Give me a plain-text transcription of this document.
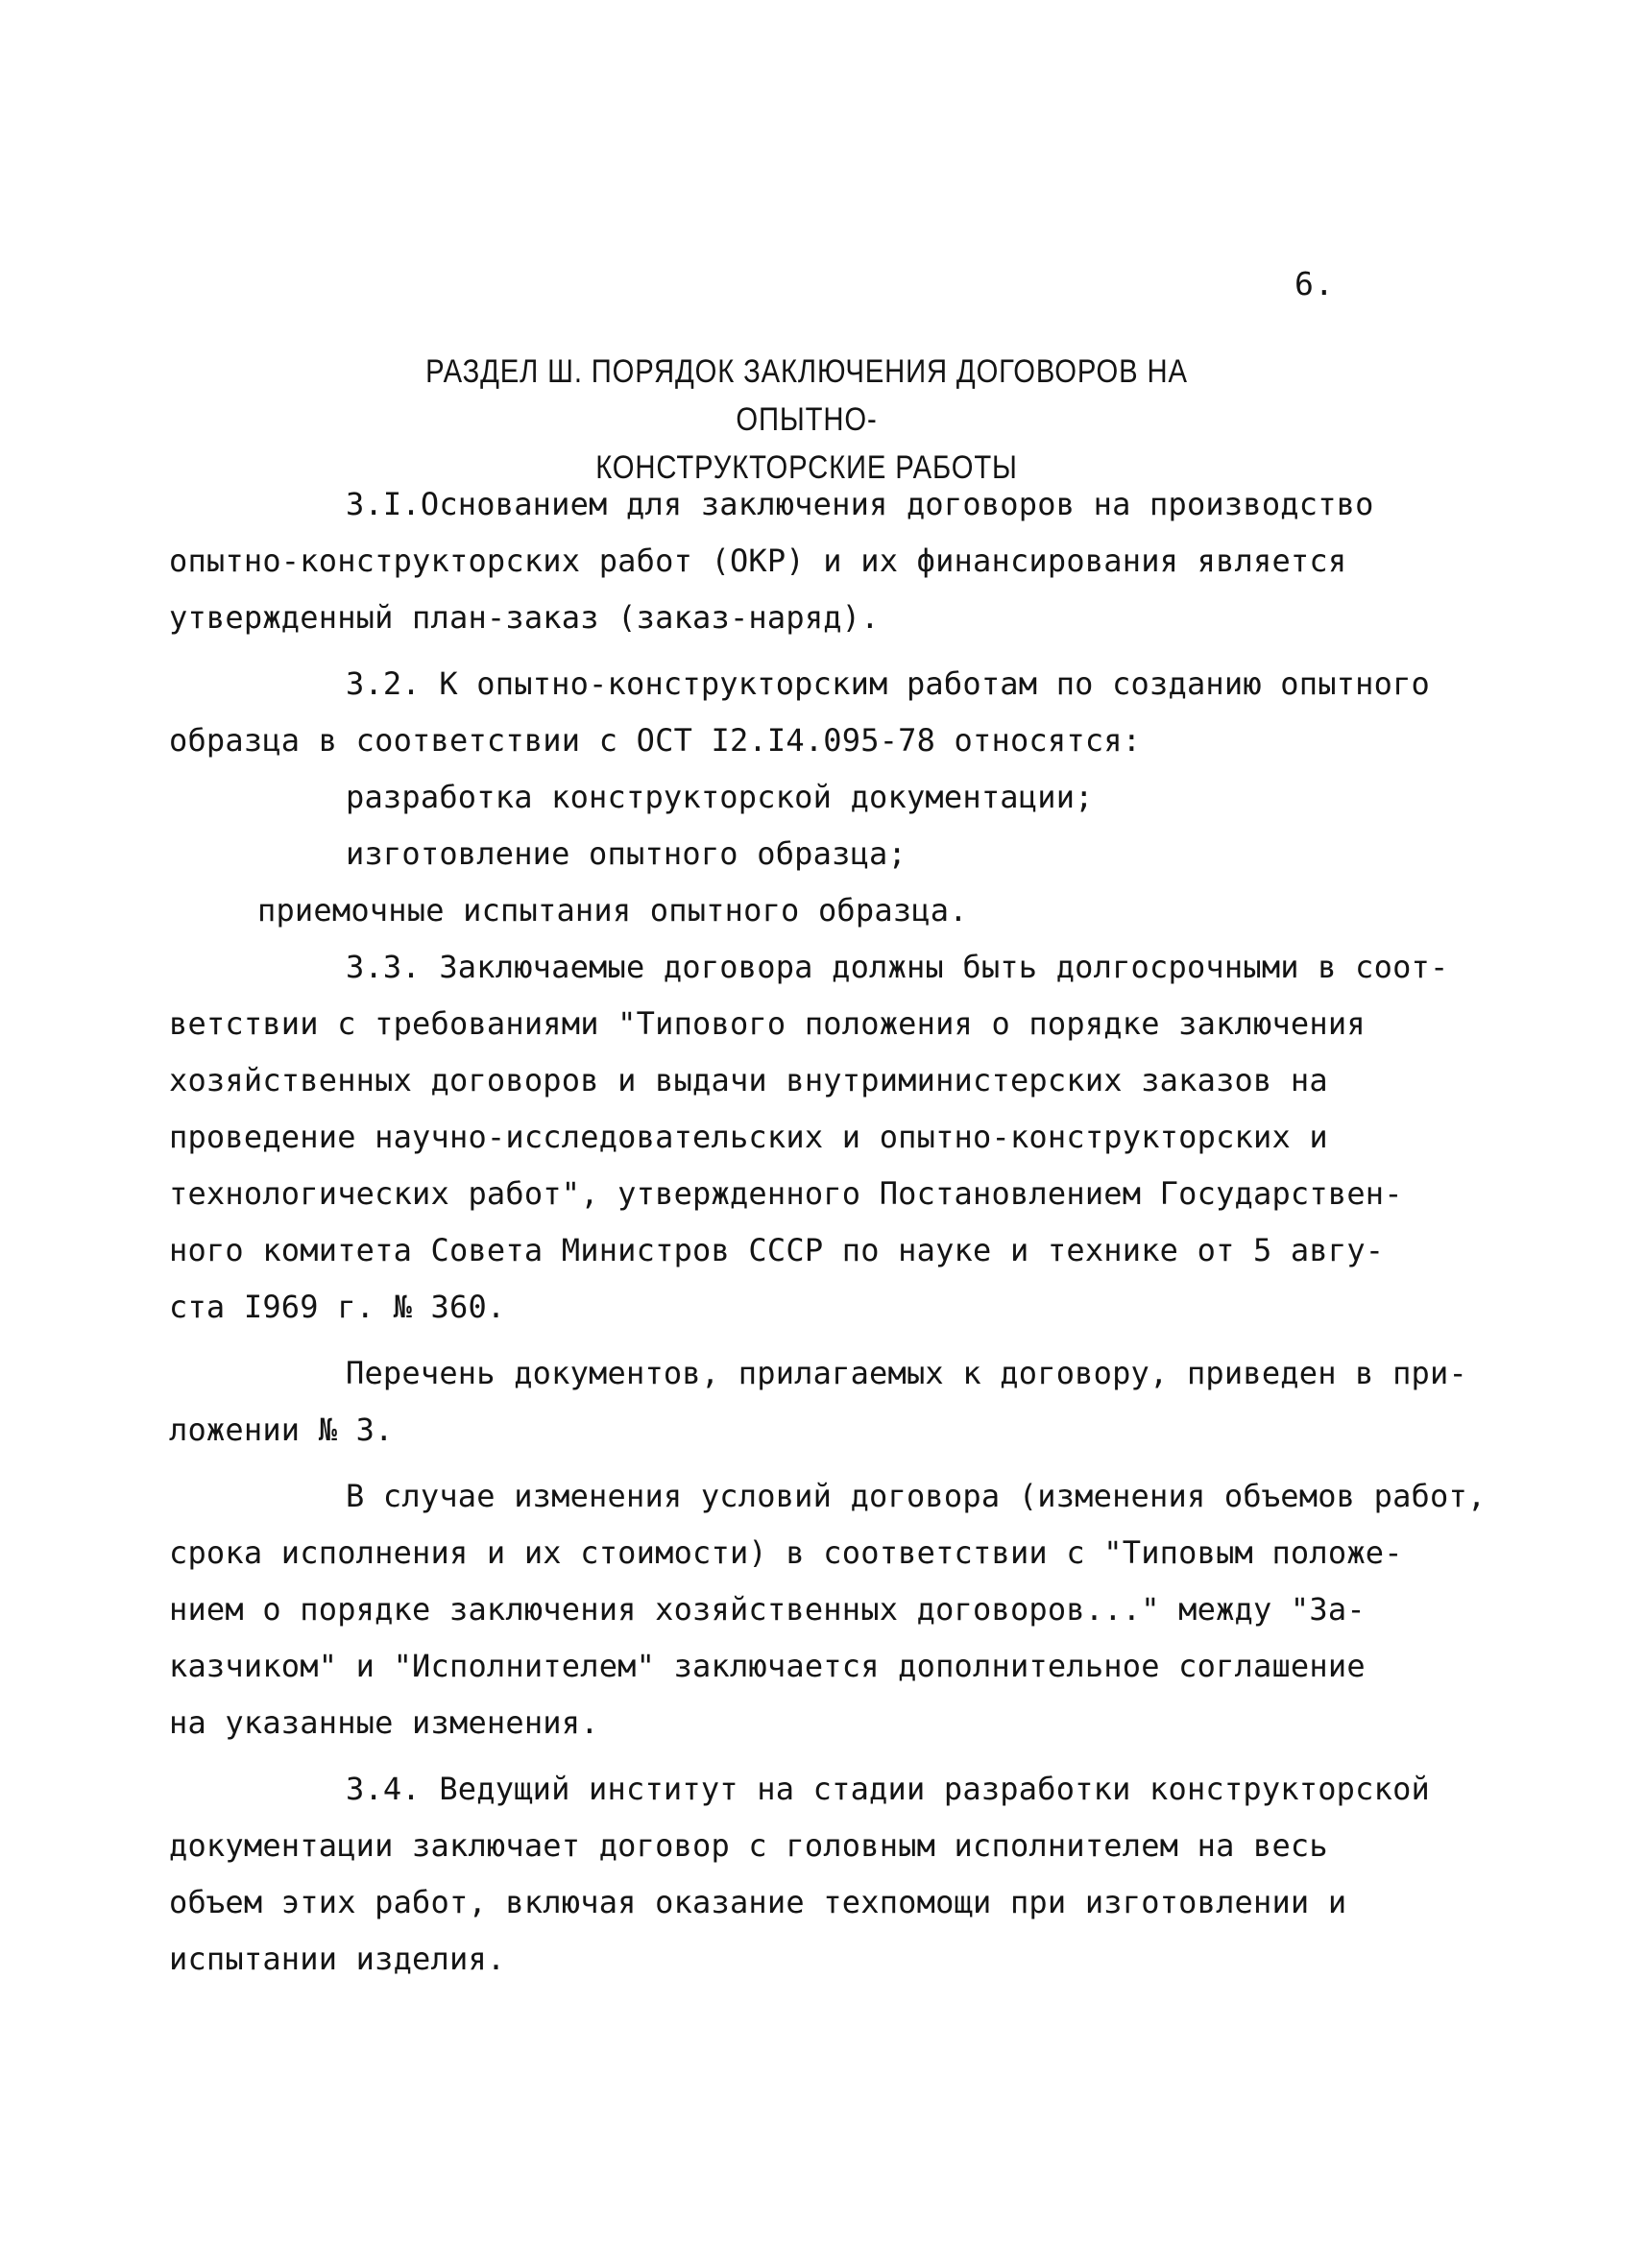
6.
РАЗДЕЛ Ш. ПОРЯДОК ЗАКЛЮЧЕНИЯ ДОГОВОРОВ НА ОПЫТНО-
КОНСТРУКТОРСКИЕ РАБОТЫ

3.I.Основанием для заключения договоров на производство
опытно-конструкторских работ (ОКР) и их финансирования является
утвержденный план-заказ (заказ-наряд).

3.2. К опытно-конструкторским работам по созданию опытного
образца в соответствии с ОСТ I2.I4.095-78 относятся:

разработка конструкторской документации;

изготовление опытного образца;

приемочные испытания опытного образца.

3.3. Заключаемые договора должны быть долгосрочными в соот-
ветствии с требованиями "Типового положения о порядке заключения
хозяйственных договоров и выдачи внутриминистерских заказов на
проведение научно-исследовательских и опытно-конструкторских и
технологических работ", утвержденного Постановлением Государствен-
ного комитета Совета Министров СССР по науке и технике от 5 авгу-
ста I969 г. № 360.

Перечень документов, прилагаемых к договору, приведен в при-
ложении № 3.

В случае изменения условий договора (изменения объемов работ,
срока исполнения и их стоимости) в соответствии с "Типовым положе-
нием о порядке заключения хозяйственных договоров..." между "За-
казчиком" и "Исполнителем" заключается дополнительное соглашение
на указанные изменения.

3.4. Ведущий институт на стадии разработки конструкторской
документации заключает договор с головным исполнителем на весь
объем этих работ, включая оказание техпомощи при изготовлении и
испытании изделия.
